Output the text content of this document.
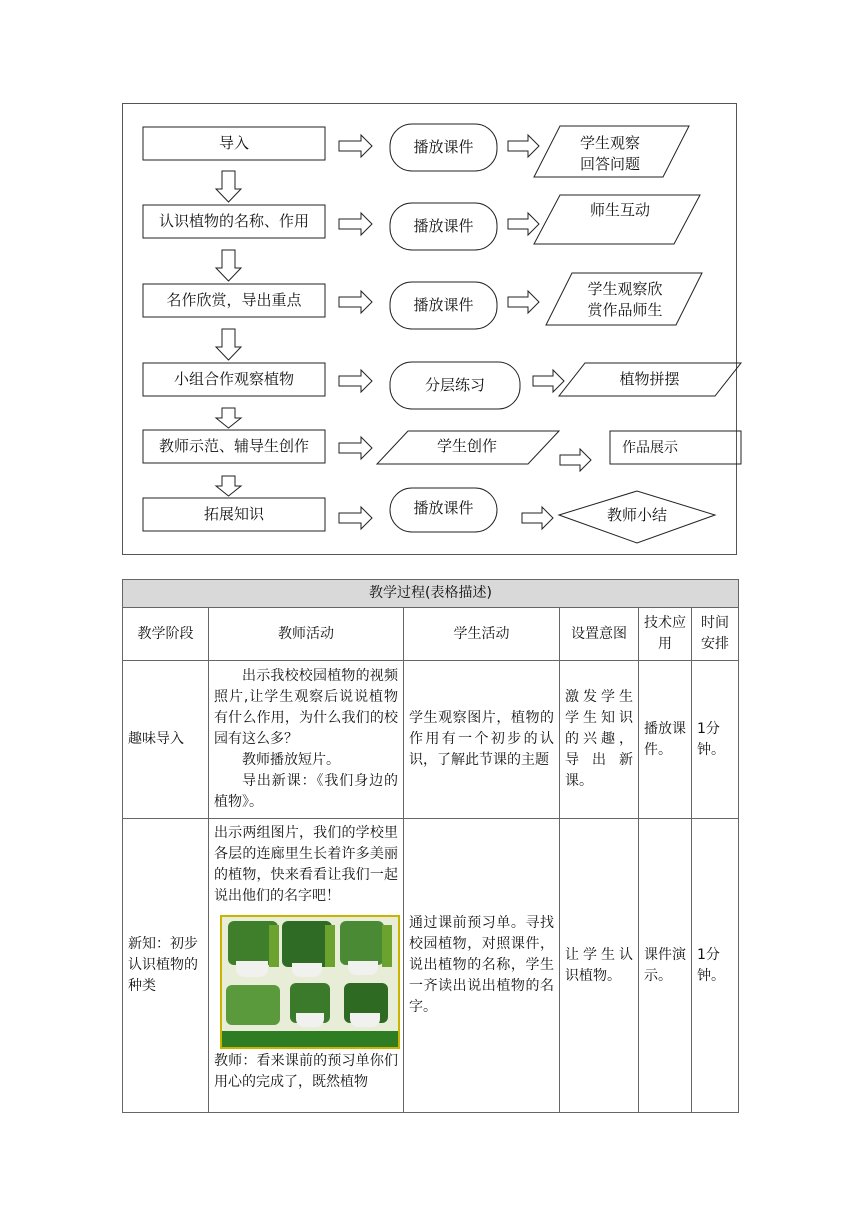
导入
认识植物的名称、作用
名作欣赏，导出重点
小组合作观察植物
教师示范、辅导生创作
拓展知识
播放课件
播放课件
播放课件
分层练习
学生创作
播放课件
学生观察
回答问题
师生互动
学生观察欣
赏作品师生
植物拼摆
作品展示
教师小结
教学过程(表格描述)					
教学阶段	教师活动	学生活动	设置意图	技术应用	时间安排
趣味导入	出示我校校园植物的视频照片,让学生观察后说说植物有什么作用，为什么我们的校园有这么多？
教师播放短片。
导出新课：《我们身边的植物》。	学生观察图片，植物的作用有一个初步的认识，了解此节课的主题	激发学生学生知识的兴趣，导出新课。	播放课件。	1分钟。
新知：初步认识植物的种类	出示两组图片，我们的学校里各层的连廊里生长着许多美丽的植物，快来看看让我们一起说出他们的名字吧！
教师：看来课前的预习单你们用心的完成了，既然植物	通过课前预习单。寻找校园植物，对照课件，说出植物的名称，学生一齐读出说出植物的名字。	让学生认识植物。	课件演示。	1分钟。
